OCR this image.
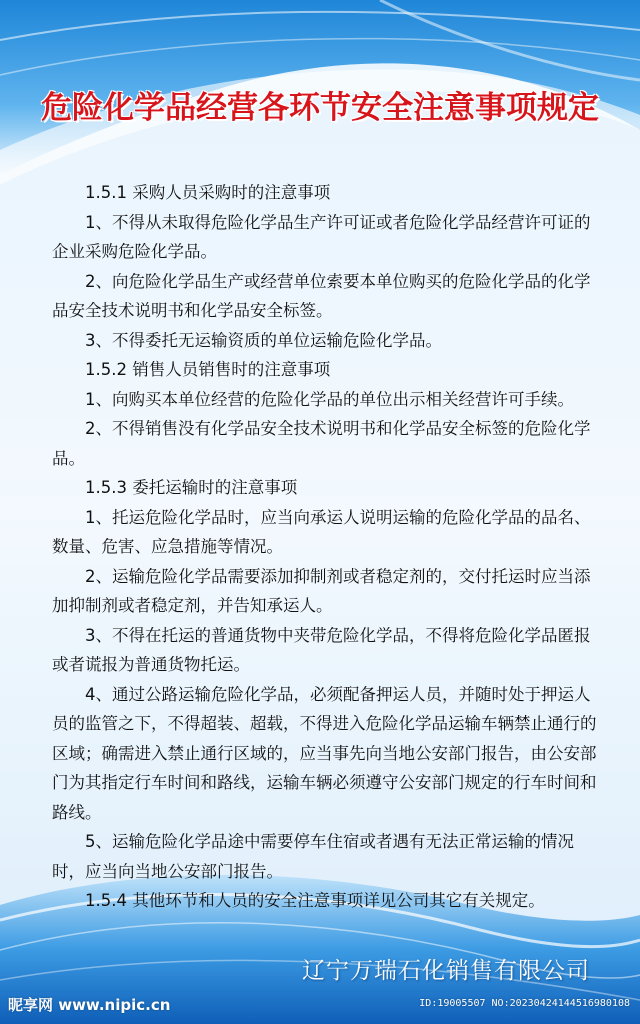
危险化学品经营各环节安全注意事项规定

1.5.1 采购人员采购时的注意事项

1、不得从未取得危险化学品生产许可证或者危险化学品经营许可证的企业采购危险化学品。

2、向危险化学品生产或经营单位索要本单位购买的危险化学品的化学品安全技术说明书和化学品安全标签。

3、不得委托无运输资质的单位运输危险化学品。

1.5.2 销售人员销售时的注意事项

1、向购买本单位经营的危险化学品的单位出示相关经营许可手续。

2、不得销售没有化学品安全技术说明书和化学品安全标签的危险化学品。

1.5.3 委托运输时的注意事项

1、托运危险化学品时，应当向承运人说明运输的危险化学品的品名、数量、危害、应急措施等情况。

2、运输危险化学品需要添加抑制剂或者稳定剂的，交付托运时应当添加抑制剂或者稳定剂，并告知承运人。

3、不得在托运的普通货物中夹带危险化学品，不得将危险化学品匿报或者谎报为普通货物托运。

4、通过公路运输危险化学品，必须配备押运人员，并随时处于押运人员的监管之下，不得超装、超载，不得进入危险化学品运输车辆禁止通行的区域；确需进入禁止通行区域的，应当事先向当地公安部门报告，由公安部门为其指定行车时间和路线，运输车辆必须遵守公安部门规定的行车时间和路线。

5、运输危险化学品途中需要停车住宿或者遇有无法正常运输的情况时，应当向当地公安部门报告。

1.5.4 其他环节和人员的安全注意事项详见公司其它有关规定。

辽宁万瑞石化销售有限公司
昵享网 www.nipic.cn	ID:19005507 NO:20230424144516980108
